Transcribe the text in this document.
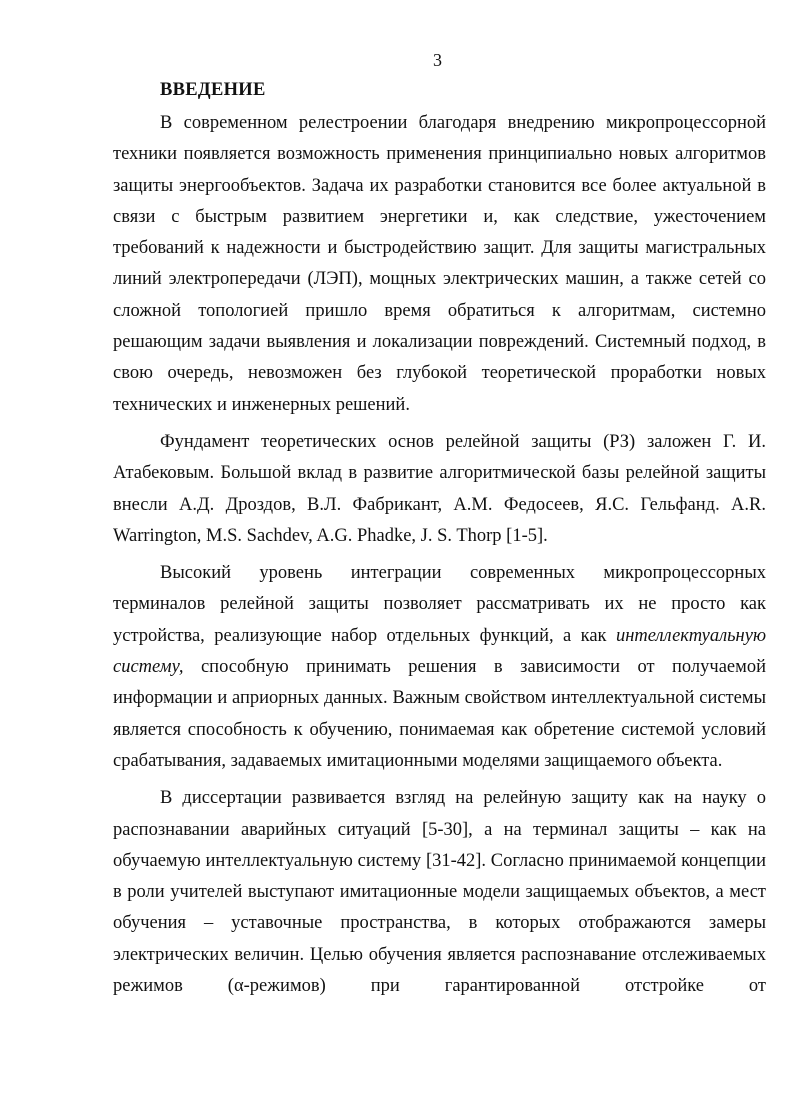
3
ВВЕДЕНИЕ

В современном релестроении благодаря внедрению микропроцессорной техники появляется возможность применения принципиально новых алгоритмов защиты энергообъектов. Задача их разработки становится все более актуальной в связи с быстрым развитием энергетики и, как следствие, ужесточением требований к надежности и быстродействию защит. Для защиты магистральных линий электропередачи (ЛЭП), мощных электрических машин, а также сетей со сложной топологией пришло время обратиться к алгоритмам, системно решающим задачи выявления и локализации повреждений. Системный подход, в свою очередь, невозможен без глубокой теоретической проработки новых технических и инженерных решений.

Фундамент теоретических основ релейной защиты (РЗ) заложен Г. И. Атабековым. Большой вклад в развитие алгоритмической базы релейной защиты внесли А.Д. Дроздов, В.Л. Фабрикант, А.М. Федосеев, Я.С. Гельфанд. A.R. Warrington, M.S. Sachdev, A.G. Phadke, J. S. Thorp [1-5].

Высокий уровень интеграции современных микропроцессорных терминалов релейной защиты позволяет рассматривать их не просто как устройства, реализующие набор отдельных функций, а как интеллектуальную систему, способную принимать решения в зависимости от получаемой информации и априорных данных. Важным свойством интеллектуальной системы является способность к обучению, понимаемая как обретение системой условий срабатывания, задаваемых имитационными моделями защищаемого объекта.

В диссертации развивается взгляд на релейную защиту как на науку о распознавании аварийных ситуаций [5-30], а на терминал защиты – как на обучаемую интеллектуальную систему [31-42]. Согласно принимаемой концепции в роли учителей выступают имитационные модели защищаемых объектов, а мест обучения – уставочные пространства, в которых отображаются замеры электрических величин. Целью обучения является распознавание отслеживаемых режимов (α-режимов) при гарантированной отстройке от
